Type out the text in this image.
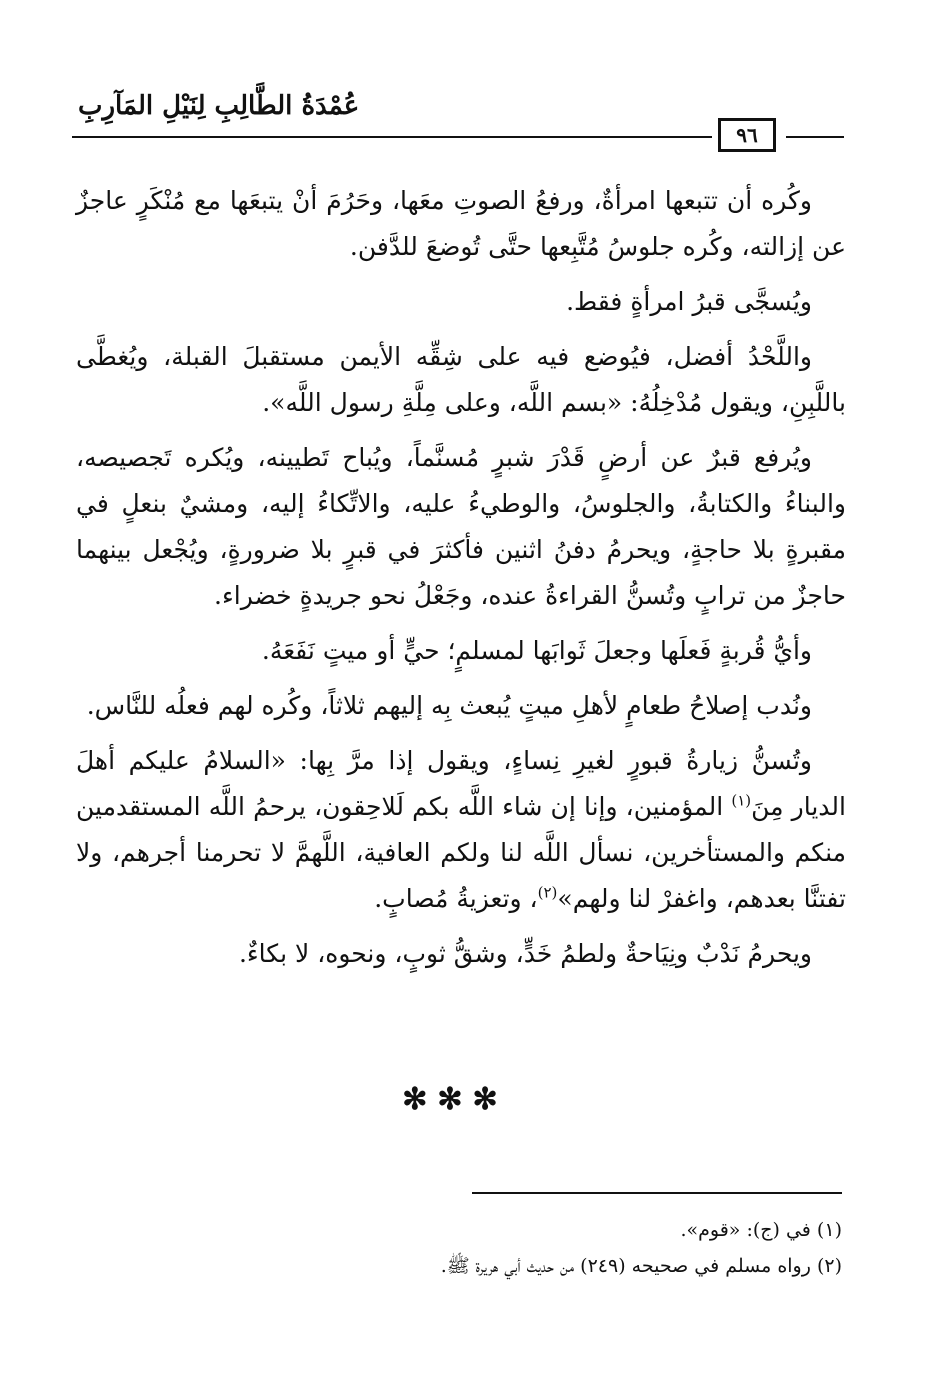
عُمْدَةُ الطَّالِبِ لِنَيْلِ المَآرِبِ
٩٦

وكُره أن تتبعها امرأةٌ، ورفعُ الصوتِ معَها، وحَرُمَ أنْ يتبعَها مع مُنْكَرٍ عاجزٌ عن إزالته، وكُره جلوسُ مُتَّبِعها حتَّى تُوضعَ للدَّفن.

ويُسجَّى قبرُ امرأةٍ فقط.

واللَّحْدُ أفضل، فيُوضع فيه على شِقِّه الأيمن مستقبلَ القبلة، ويُغطَّى باللَّبِنِ، ويقول مُدْخِلُهُ: «بسم اللَّه، وعلى مِلَّةِ رسول اللَّه».

ويُرفع قبرٌ عن أرضٍ قَدْرَ شبرٍ مُسنَّماً، ويُباح تَطيينه، ويُكره تَجصيصه، والبناءُ والكتابةُ، والجلوسُ، والوطيءُ عليه، والاتِّكاءُ إليه، ومشيٌ بنعلٍ في مقبرةٍ بلا حاجةٍ، ويحرمُ دفنُ اثنين فأكثرَ في قبرٍ بلا ضرورةٍ، ويُجْعل بينهما حاجزٌ من ترابٍ وتُسنُّ القراءةُ عنده، وجَعْلُ نحو جريدةٍ خضراء.

وأيُّ قُربةٍ فَعلَها وجعلَ ثَوابَها لمسلمٍ؛ حيٍّ أو ميتٍ نَفَعَهُ.

ونُدب إصلاحُ طعامٍ لأهلِ ميتٍ يُبعث بِه إليهم ثلاثاً، وكُره لهم فعلُه للنَّاس.

وتُسنُّ زيارةُ قبورٍ لغيرِ نِساءٍ، ويقول إذا مرَّ بِها: «السلامُ عليكم أهلَ الديار مِنَ$^{(١)}$ المؤمنين، وإنا إن شاء اللَّه بكم لَلاحِقون، يرحمُ اللَّه المستقدمين منكم والمستأخرين، نسأل اللَّه لنا ولكم العافية، اللَّهمَّ لا تحرمنا أجرهم، ولا تفتنَّا بعدهم، واغفرْ لنا ولهم»$^{(٢)}$، وتعزيةُ مُصابٍ.

ويحرمُ نَدْبٌ ونِيَاحةٌ ولطمُ خَدٍّ، وشقُّ ثوبٍ، ونحوه، لا بكاءٌ.

✻✻✻

(١) في (ج): «قوم».

(٢) رواه مسلم في صحيحه (٢٤٩) من حديث أبي هريرة ﷺ.
